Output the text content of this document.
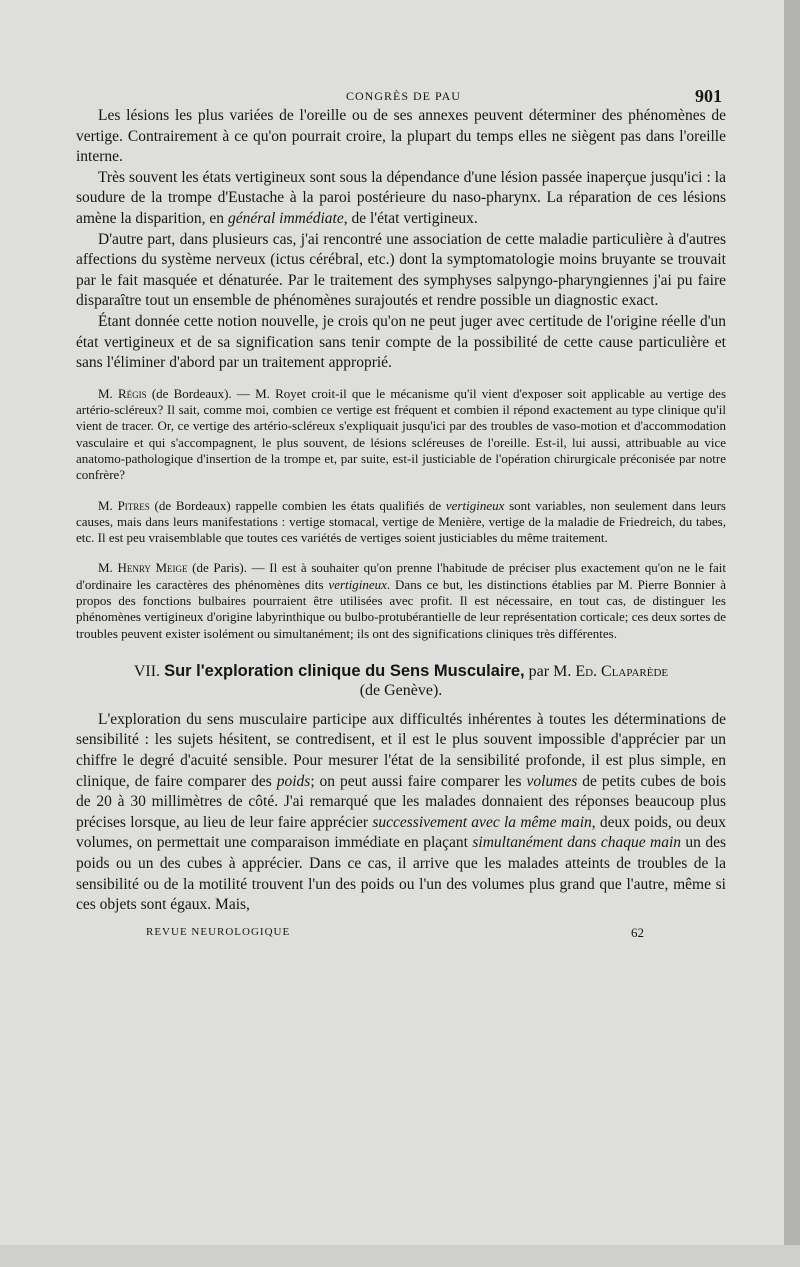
CONGRÈS DE PAU	901

Les lésions les plus variées de l'oreille ou de ses annexes peuvent déterminer des phénomènes de vertige. Contrairement à ce qu'on pourrait croire, la plupart du temps elles ne siègent pas dans l'oreille interne.

Très souvent les états vertigineux sont sous la dépendance d'une lésion passée inaperçue jusqu'ici : la soudure de la trompe d'Eustache à la paroi postérieure du naso-pharynx. La réparation de ces lésions amène la disparition, en général immédiate, de l'état vertigineux.

D'autre part, dans plusieurs cas, j'ai rencontré une association de cette maladie particulière à d'autres affections du système nerveux (ictus cérébral, etc.) dont la symptomatologie moins bruyante se trouvait par le fait masquée et dénaturée. Par le traitement des symphyses salpyngo-pharyngiennes j'ai pu faire disparaître tout un ensemble de phénomènes surajoutés et rendre possible un diagnostic exact.

Étant donnée cette notion nouvelle, je crois qu'on ne peut juger avec certitude de l'origine réelle d'un état vertigineux et de sa signification sans tenir compte de la possibilité de cette cause particulière et sans l'éliminer d'abord par un traitement approprié.

M. Régis (de Bordeaux). — M. Royet croit-il que le mécanisme qu'il vient d'exposer soit applicable au vertige des artério-scléreux? Il sait, comme moi, combien ce vertige est fréquent et combien il répond exactement au type clinique qu'il vient de tracer. Or, ce vertige des artério-scléreux s'expliquait jusqu'ici par des troubles de vaso-motion et d'accommodation vasculaire et qui s'accompagnent, le plus souvent, de lésions scléreuses de l'oreille. Est-il, lui aussi, attribuable au vice anatomo-pathologique d'insertion de la trompe et, par suite, est-il justiciable de l'opération chirurgicale préconisée par notre confrère?

M. Pitres (de Bordeaux) rappelle combien les états qualifiés de vertigineux sont variables, non seulement dans leurs causes, mais dans leurs manifestations : vertige stomacal, vertige de Menière, vertige de la maladie de Friedreich, du tabes, etc. Il est peu vraisemblable que toutes ces variétés de vertiges soient justiciables du même traitement.

M. Henry Meige (de Paris). — Il est à souhaiter qu'on prenne l'habitude de préciser plus exactement qu'on ne le fait d'ordinaire les caractères des phénomènes dits vertigineux. Dans ce but, les distinctions établies par M. Pierre Bonnier à propos des fonctions bulbaires pourraient être utilisées avec profit. Il est nécessaire, en tout cas, de distinguer les phénomènes vertigineux d'origine labyrinthique ou bulbo-protubérantielle de leur représentation corticale; ces deux sortes de troubles peuvent exister isolément ou simultanément; ils ont des significations cliniques très différentes.

VII. Sur l'exploration clinique du Sens Musculaire, par M. Ed. Claparède
(de Genève).

L'exploration du sens musculaire participe aux difficultés inhérentes à toutes les déterminations de sensibilité : les sujets hésitent, se contredisent, et il est le plus souvent impossible d'apprécier par un chiffre le degré d'acuité sensible. Pour mesurer l'état de la sensibilité profonde, il est plus simple, en clinique, de faire comparer des poids; on peut aussi faire comparer les volumes de petits cubes de bois de 20 à 30 millimètres de côté. J'ai remarqué que les malades donnaient des réponses beaucoup plus précises lorsque, au lieu de leur faire apprécier successivement avec la même main, deux poids, ou deux volumes, on permettait une comparaison immédiate en plaçant simultanément dans chaque main un des poids ou un des cubes à apprécier. Dans ce cas, il arrive que les malades atteints de troubles de la sensibilité ou de la motilité trouvent l'un des poids ou l'un des volumes plus grand que l'autre, même si ces objets sont égaux. Mais,

REVUE NEUROLOGIQUE	62
